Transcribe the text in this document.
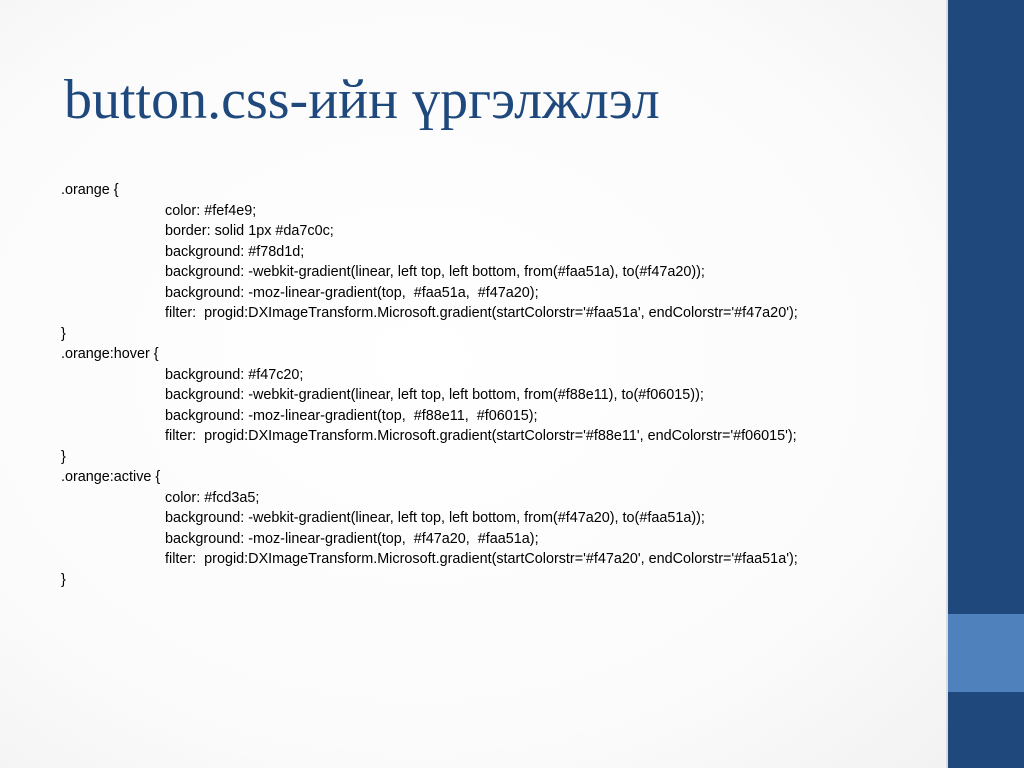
button.css-ийн үргэлжлэл
.orange {
color: #fef4e9;
border: solid 1px #da7c0c;
background: #f78d1d;
background: -webkit-gradient(linear, left top, left bottom, from(#faa51a), to(#f47a20));
background: -moz-linear-gradient(top,  #faa51a,  #f47a20);
filter:  progid:DXImageTransform.Microsoft.gradient(startColorstr='#faa51a', endColorstr='#f47a20');
}
.orange:hover {
background: #f47c20;
background: -webkit-gradient(linear, left top, left bottom, from(#f88e11), to(#f06015));
background: -moz-linear-gradient(top,  #f88e11,  #f06015);
filter:  progid:DXImageTransform.Microsoft.gradient(startColorstr='#f88e11', endColorstr='#f06015');
}
.orange:active {
color: #fcd3a5;
background: -webkit-gradient(linear, left top, left bottom, from(#f47a20), to(#faa51a));
background: -moz-linear-gradient(top,  #f47a20,  #faa51a);
filter:  progid:DXImageTransform.Microsoft.gradient(startColorstr='#f47a20', endColorstr='#faa51a');
}
